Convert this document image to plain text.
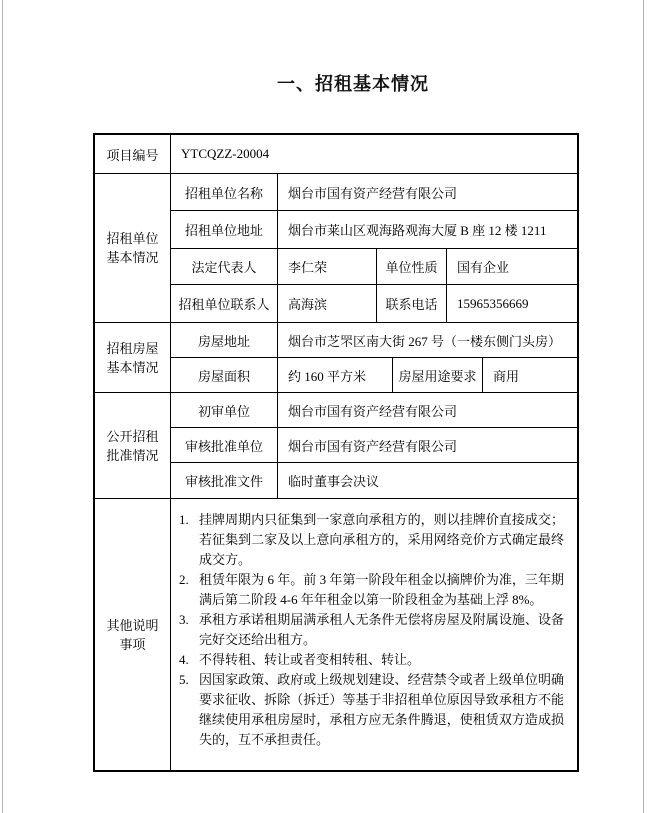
一、招租基本情况
项目编号	YTCQZZ-20004
招租单位
基本情况
招租单位名称	烟台市国有资产经营有限公司
招租单位地址	烟台市莱山区观海路观海大厦 B 座 12 楼 1211
法定代表人	李仁荣	单位性质	国有企业
招租单位联系人	高海滨	联系电话	15965356669
招租房屋
基本情况
房屋地址	烟台市芝罘区南大街 267 号（一楼东侧门头房）
房屋面积	约 160 平方米	房屋用途要求	商用
公开招租
批准情况
初审单位	烟台市国有资产经营有限公司
审核批准单位	烟台市国有资产经营有限公司
审核批准文件	临时董事会决议
其他说明
事项
1. 挂牌周期内只征集到一家意向承租方的，则以挂牌价直接成交；若征集到二家及以上意向承租方的，采用网络竞价方式确定最终成交方。
2. 租赁年限为 6 年。前 3 年第一阶段年租金以摘牌价为准，三年期满后第二阶段 4-6 年年租金以第一阶段租金为基础上浮 8%。
3. 承租方承诺租期届满承租人无条件无偿将房屋及附属设施、设备完好交还给出租方。
4. 不得转租、转让或者变相转租、转让。
5. 因国家政策、政府或上级规划建设、经营禁令或者上级单位明确要求征收、拆除（拆迁）等基于非招租单位原因导致承租方不能继续使用承租房屋时，承租方应无条件腾退，使租赁双方造成损失的，互不承担责任。
